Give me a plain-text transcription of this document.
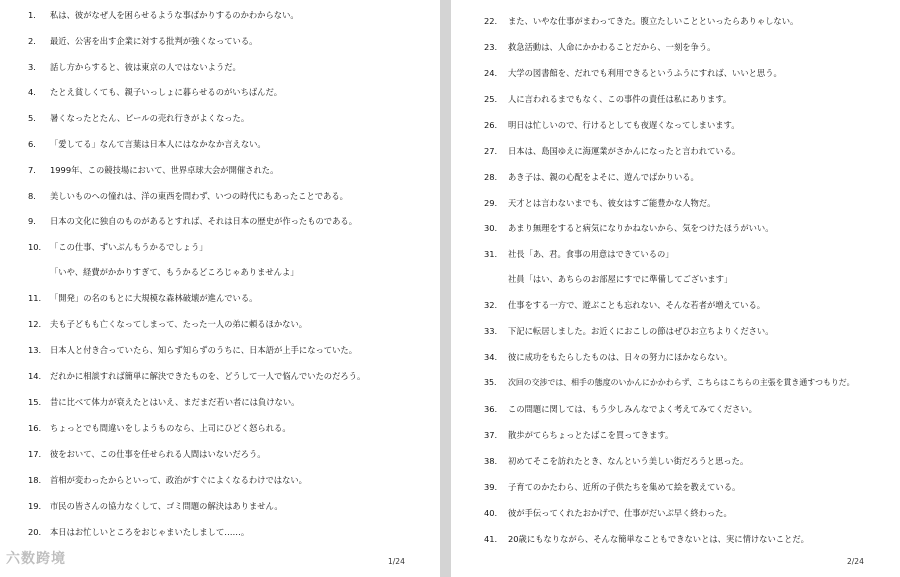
1. 私は、彼がなぜ人を困らせるような事ばかりするのかわからない。
2. 最近、公害を出す企業に対する批判が強くなっている。
3. 話し方からすると、彼は東京の人ではないようだ。
4. たとえ貧しくても、親子いっしょに暮らせるのがいちばんだ。
5. 暑くなったとたん、ビールの売れ行きがよくなった。
6. 「愛してる」なんて言葉は日本人にはなかなか言えない。
7. 1999年、この競技場において、世界卓球大会が開催された。
8. 美しいものへの憧れは、洋の東西を問わず、いつの時代にもあったことである。
9. 日本の文化に独自のものがあるとすれば、それは日本の歴史が作ったものである。
10. 「この仕事、ずいぶんもうかるでしょう」
「いや、経費がかかりすぎて、もうかるどころじゃありませんよ」
11. 「開発」の名のもとに大規模な森林破壊が進んでいる。
12. 夫も子どもも亡くなってしまって、たった一人の弟に頼るほかない。
13. 日本人と付き合っていたら、知らず知らずのうちに、日本語が上手になっていた。
14. だれかに相談すれば簡単に解決できたものを、どうして一人で悩んでいたのだろう。
15. 昔に比べて体力が衰えたとはいえ、まだまだ若い者には負けない。
16. ちょっとでも間違いをしようものなら、上司にひどく怒られる。
17. 彼をおいて、この仕事を任せられる人間はいないだろう。
18. 首相が変わったからといって、政治がすぐによくなるわけではない。
19. 市民の皆さんの協力なくして、ゴミ問題の解決はありません。
20. 本日はお忙しいところをおじゃまいたしまして……。
1/24
22. また、いやな仕事がまわってきた。腹立たしいことといったらありゃしない。
23. 救急活動は、人命にかかわることだから、一刻を争う。
24. 大学の図書館を、だれでも利用できるというふうにすれば、いいと思う。
25. 人に言われるまでもなく、この事件の責任は私にあります。
26. 明日は忙しいので、行けるとしても夜遅くなってしまいます。
27. 日本は、島国ゆえに海運業がさかんになったと言われている。
28. あき子は、親の心配をよそに、遊んでばかりいる。
29. 天才とは言わないまでも、彼女はすご能豊かな人物だ。
30. あまり無理をすると病気になりかねないから、気をつけたほうがいい。
31. 社長「あ、君。食事の用意はできているの」
社員「はい、あちらのお部屋にすでに準備してございます」
32. 仕事をする一方で、遊ぶことも忘れない、そんな若者が増えている。
33. 下記に転居しました。お近くにおこしの節はぜひお立ちよりください。
34. 彼に成功をもたらしたものは、日々の努力にほかならない。
35. 次回の交渉では、相手の態度のいかんにかかわらず、こちらはこちらの主張を貫き通すつもりだ。
36. この問題に関しては、もう少しみんなでよく考えてみてください。
37. 散歩がてらちょっとたばこを買ってきます。
38. 初めてそこを訪れたとき、なんという美しい街だろうと思った。
39. 子育てのかたわら、近所の子供たちを集めて絵を教えている。
40. 彼が手伝ってくれたおかげで、仕事がだいぶ早く終わった。
41. 20歳にもなりながら、そんな簡単なこともできないとは、実に情けないことだ。
2/24
六数跨境
